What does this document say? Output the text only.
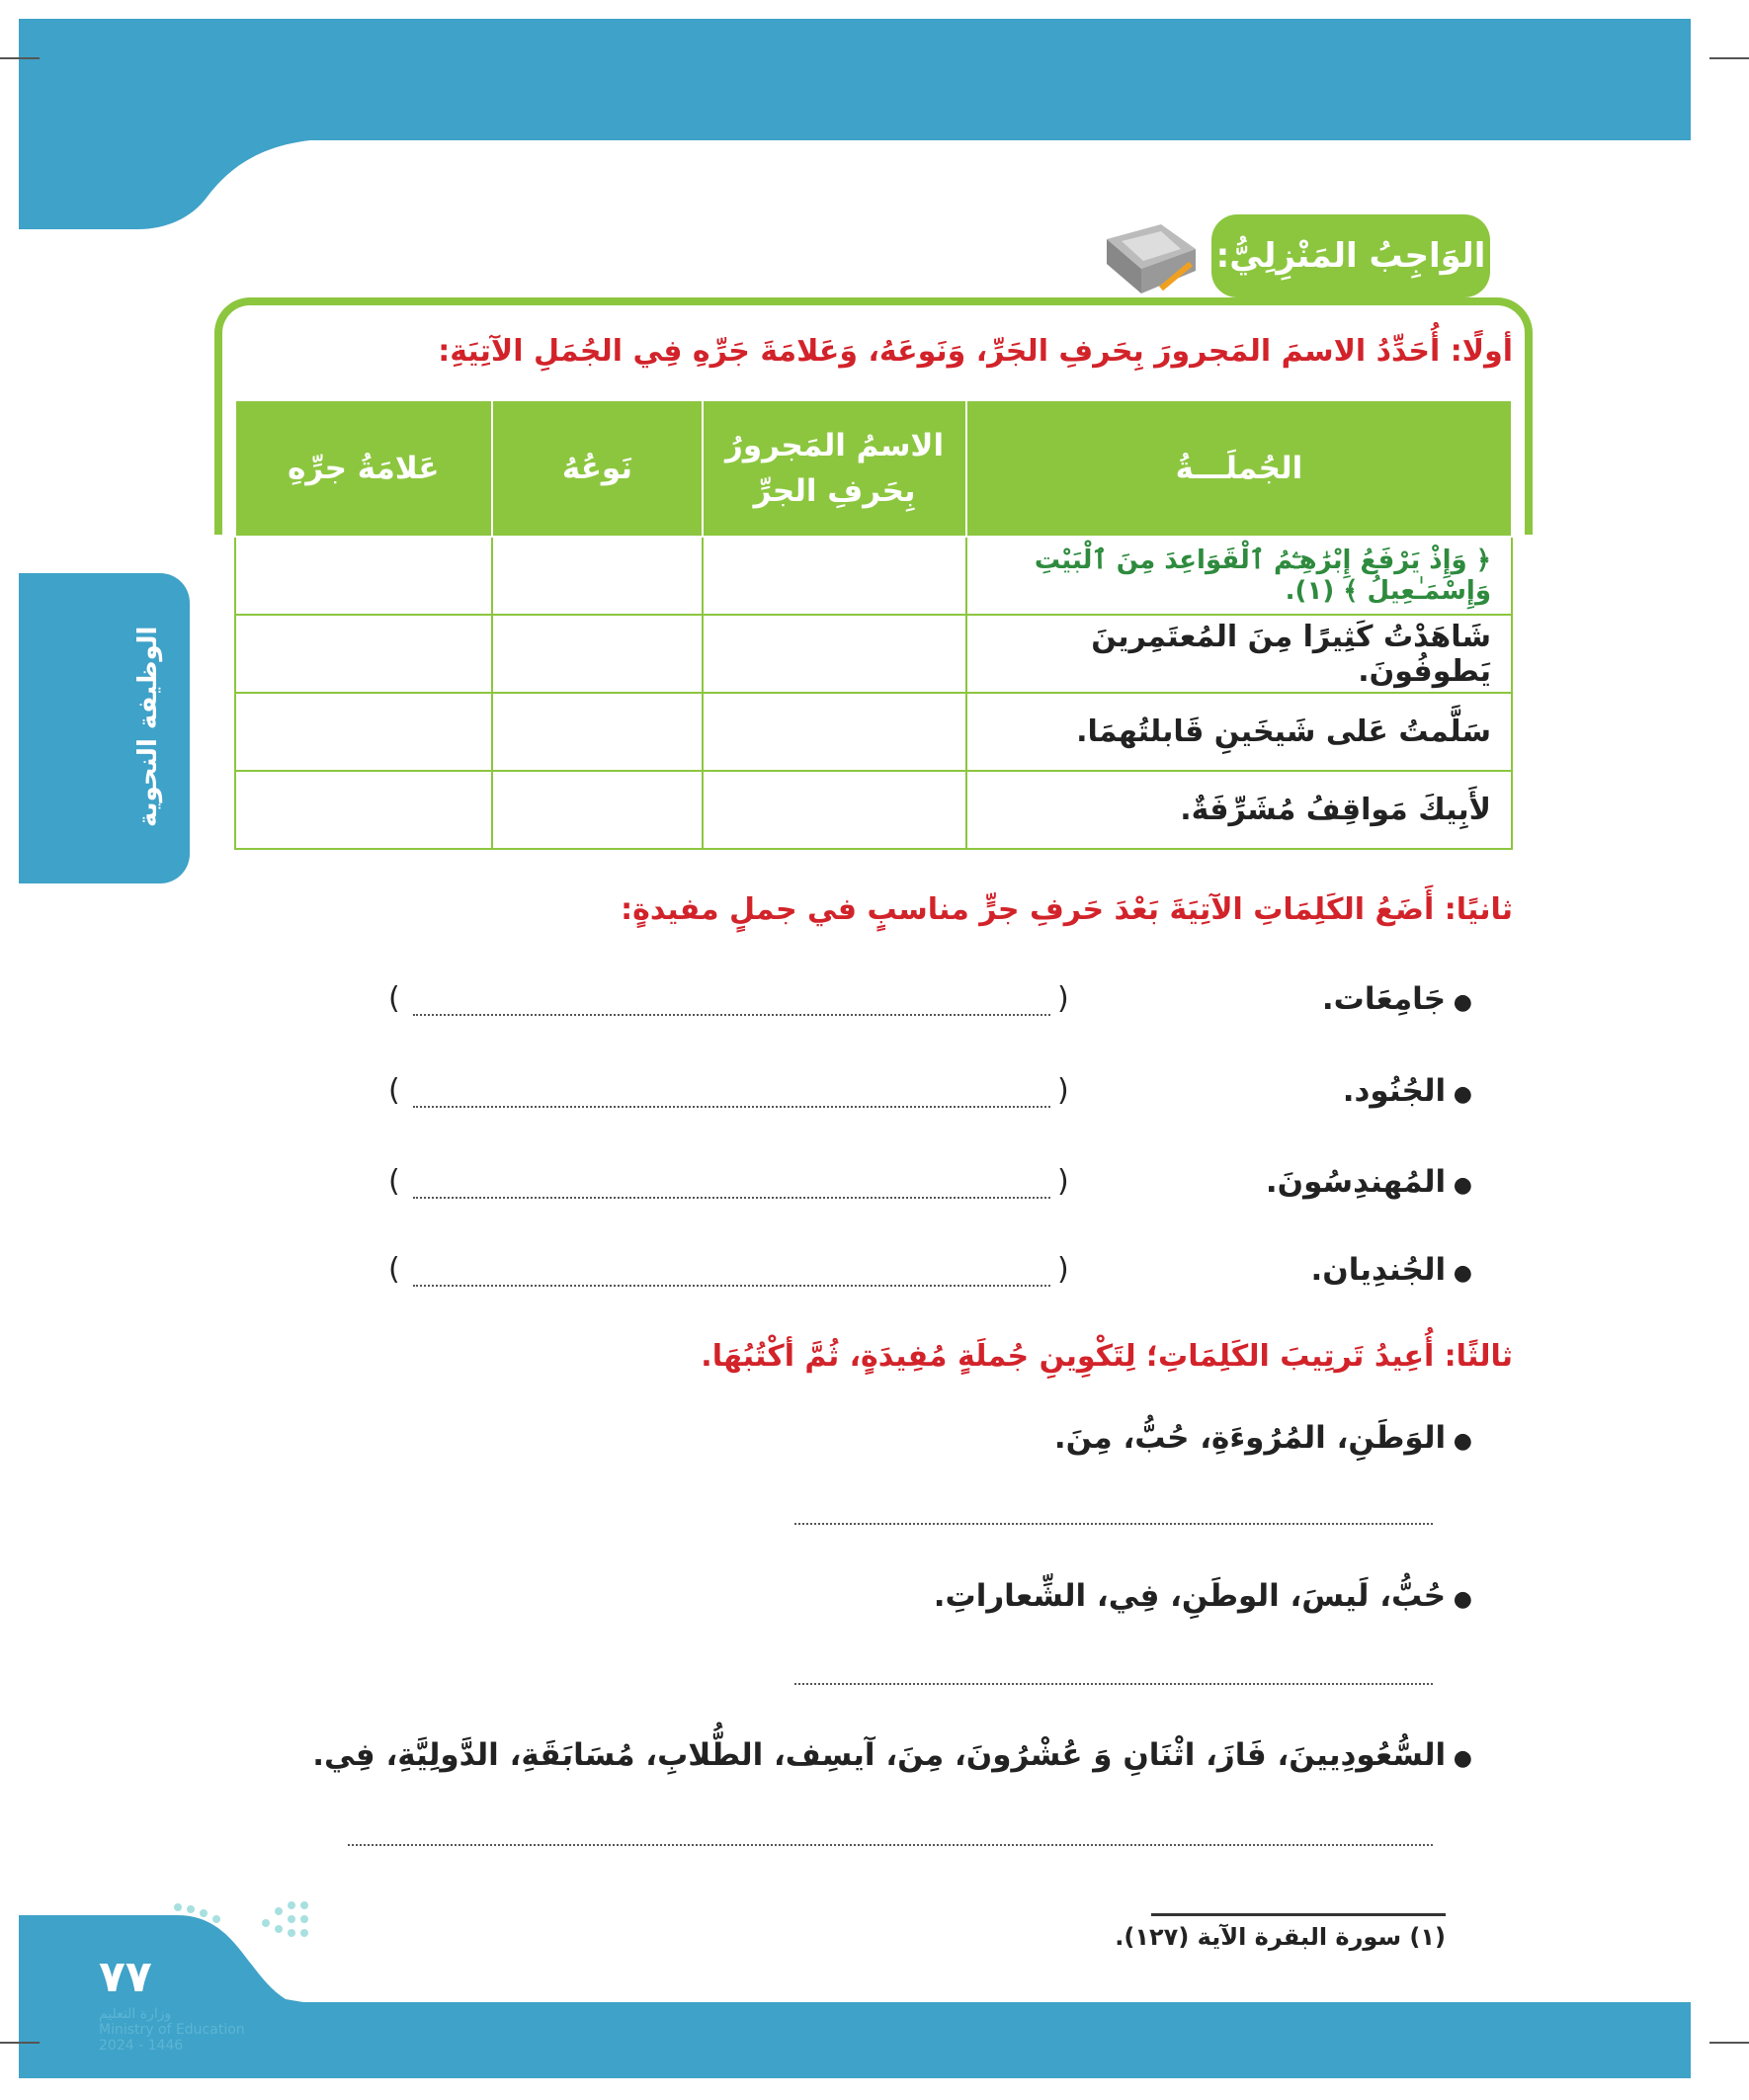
الوَاجِبُ المَنْزِلِيُّ:
أولًا: أُحَدِّدُ الاسمَ المَجرورَ بِحَرفِ الجَرِّ، وَنَوعَهُ، وَعَلامَةَ جَرِّهِ فِي الجُمَلِ الآتِيَةِ:
الجُملَـــةُ	الاسمُ المَجرورُ بِحَرفِ الجرِّ	نَوعُهُ	عَلامَةُ جرِّهِ
﴿ وَإِذْ يَرْفَعُ إِبْرَٰهِـۧمُ ٱلْقَوَاعِدَ مِنَ ٱلْبَيْتِ وَإِسْمَـٰعِيلُ ﴾ (١).			
شَاهَدْتُ كَثِيرًا مِنَ المُعتَمِرينَ يَطوفُونَ.			
سَلَّمتُ عَلى شَيخَينِ قَابلتُهمَا.			
لأَبِيكَ مَواقِفُ مُشَرِّفَةٌ.			
الوظيفة النحوية
ثانيًا: أَضَعُ الكَلِمَاتِ الآتِيَةَ بَعْدَ حَرفِ جرٍّ مناسبٍ في جملٍ مفيدةٍ:
● جَامِعَات.
● الجُنُود.
● المُهندِسُونَ.
● الجُندِيان.
(
)
(
)
(
)
(
)
ثالثًا: أُعِيدُ تَرتِيبَ الكَلِمَاتِ؛ لِتَكْوِينِ جُملَةٍ مُفِيدَةٍ، ثُمَّ أكْتُبُهَا.
● الوَطَنِ، المُرُوءَةِ، حُبُّ، مِنَ.
● حُبُّ، لَيسَ، الوطَنِ، فِي، الشِّعاراتِ.
● السُّعُودِيينَ، فَازَ، اثْنَانِ وَ عُشْرُونَ، مِنَ، آيسِف، الطُّلابِ، مُسَابَقَةِ، الدَّولِيَّةِ، فِي.
(١) سورة البقرة الآية (١٢٧).
٧٧
وزارة التعليم
Ministry of Education
2024 - 1446
